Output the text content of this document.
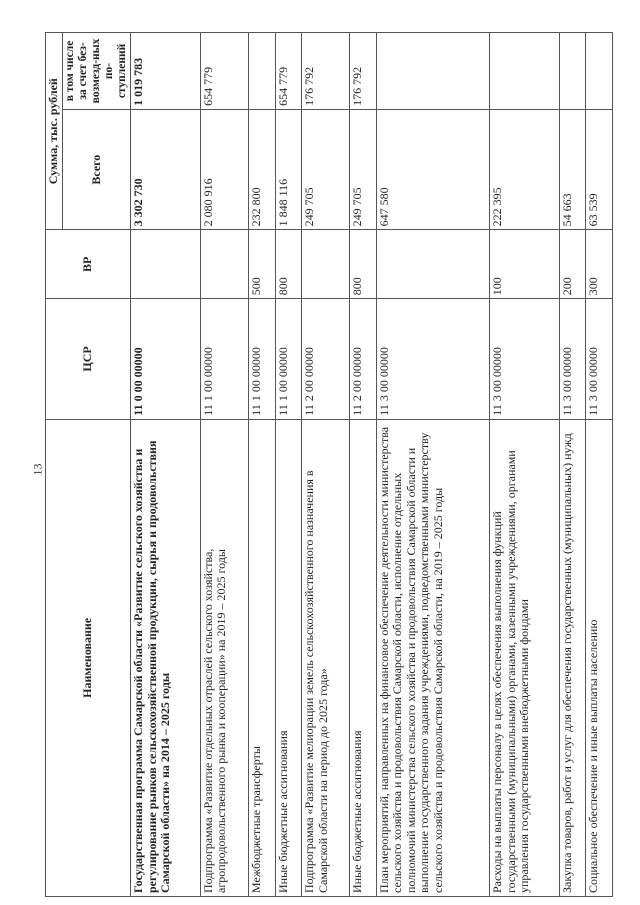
13
Наименование	ЦСР	ВР	Сумма, тыс. рублей	
			Всего	в том числе за счет без-возмезд-ных по-ступлений
Государственная программа Самарской области «Развитие сельского хозяйства и регулирование рынков сельскохозяйственной продукции, сырья и продовольствия Самарской области» на 2014 – 2025 годы	11 0 00 00000		3 302 730	1 019 783
Подпрограмма «Развитие отдельных отраслей сельского хозяйства, агропродовольственного рынка и кооперации» на 2019 – 2025 годы	11 1 00 00000		2 080 916	654 779
Межбюджетные трансферты	11 1 00 00000	500	232 800	
Иные бюджетные ассигнования	11 1 00 00000	800	1 848 116	654 779
Подпрограмма «Развитие мелиорации земель сельскохозяйственного назначения в Самарской области на период до 2025 года»	11 2 00 00000		249 705	176 792
Иные бюджетные ассигнования	11 2 00 00000	800	249 705	176 792
План мероприятий, направленных на финансовое обеспечение деятельности министерства сельского хозяйства и продовольствия Самарской области, исполнение отдельных полномочий министерства сельского хозяйства и продовольствия Самарской области и выполнение государственного задания учреждениями, подведомственными министерству сельского хозяйства и продовольствия Самарской области, на 2019 – 2025 годы	11 3 00 00000		647 580	
Расходы на выплаты персоналу в целях обеспечения выполнения функций государственными (муниципальными) органами, казенными учреждениями, органами управления государственными внебюджетными фондами	11 3 00 00000	100	222 395	
Закупка товаров, работ и услуг для обеспечения государственных (муниципальных) нужд	11 3 00 00000	200	54 663	
Социальное обеспечение и иные выплаты населению	11 3 00 00000	300	63 539	
